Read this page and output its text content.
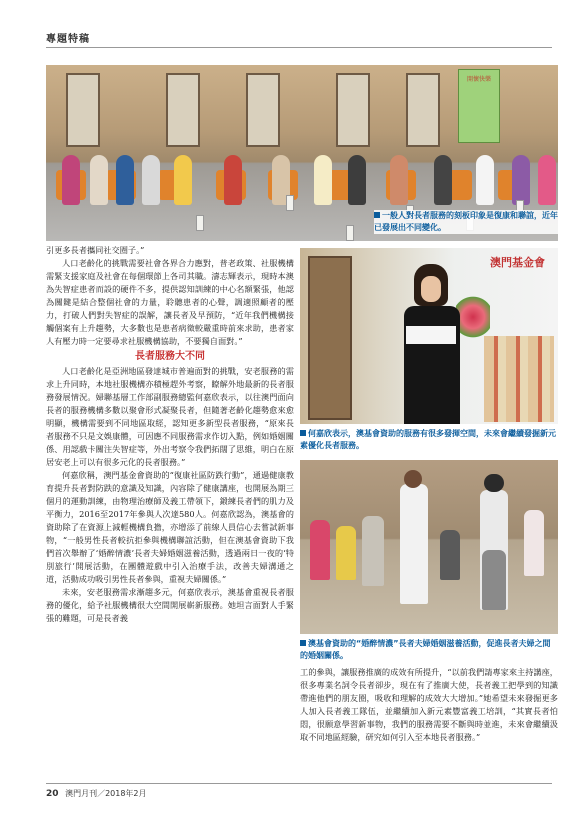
專題特稿
開懷快樂
一般人對長者服務的刻板印象是復康和聯誼，近年已發展出不同變化。
澳門基金會
何嘉欣表示，澳基會資助的服務有很多發揮空間，未來會繼續發掘新元素優化長者服務。
澳基會資助的“婚醉情濃”長者夫婦婚姻滋養活動，促進長者夫婦之間的婚姻關係。

引更多長者攜同社交圈子。”

人口老齡化的挑戰需要社會各界合力應對，普老政策、社服機構需緊支援家庭及社會在每個環節上各司其職。濤志輝表示，現時本澳為失智症患者而設的硬件不多，提供認知訓練的中心名額緊張，他認為關鍵是結合整個社會的力量，聆聽患者的心聲，調適照顧者的壓力，打破人們對失智症的誤解，讓長者及早預防，“近年我們機構接觸個案有上升趨勢，大多數也是患者病徵較嚴重時前來求助，患者家人有壓力時一定要尋求社服機構協助，不要獨自面對。”

長者服務大不同

人口老齡化是亞洲地區發達城市普遍面對的挑戰，安老服務的需求上升同時，本地社服機構亦積極趕外考察，瞭解外地最新的長者服務發展情況。婦聯基層工作部副服務總監何嘉欣表示，以往澳門面向長者的服務機構多數以聚會形式凝聚長者，但隨著老齡化趨勢愈來愈明顯，機構需要到不同地區取經，認知更多新型長者服務，“原來長者服務不只是文娛康體，可因應不同服務需求作切入點，例如婚姻關係、用認戲卡關注失智症等，外出考察令我們拓闊了思維，明白在原居安老上可以有很多元化的長者服務。”

何嘉欣稱，澳門基金會資助的“復康社區防跌行動”，通過健康教育提升長者對防跌的意識及知識，內容除了健康講座，也開展為期三個月的運動訓練，由物理治療師及義工帶領下，鍛練長者們的肌力及平衡力，2016至2017年參與人次達580人。何嘉欣認為，澳基會的資助除了在資源上減輕機構負擔，亦增添了前線人員信心去嘗試新事物，“一般男性長者較抗拒參與機構聯誼活動，但在澳基會資助下我們首次舉辦了‘婚醉情濃’長者夫婦婚姻滋養活動，透過兩日一夜的‘特別旅行’開展活動，在團體遊戲中引入治療手法，改善夫婦溝通之道，活動成功吸引男性長者參與，重視夫婦關係。”

未來，安老服務需求漸趨多元，何嘉欣表示，澳基會重視長者服務的優化，給予社服機構很大空間開展嶄新服務。她坦言面對人手緊張的難題，可是長者義

工的參與，讓服務推廣的成效有所提升，“以前我們請專家來主持講座，很多專業名詞令長者卻步，現在有了推廣大使，長者義工把學到的知識帶進他們的朋友圈，吸收和理解的成效大大增加。”她希望未來發掘更多人加入長者義工隊伍，並繼續加入新元素豐富義工培訓，“其實長者怕悶，很願意學習新事物，我們的服務需要不斷與時並進，未來會繼續汲取不同地區經驗，研究如何引入至本地長者服務。”

20 澳門月刊／2018年2月
